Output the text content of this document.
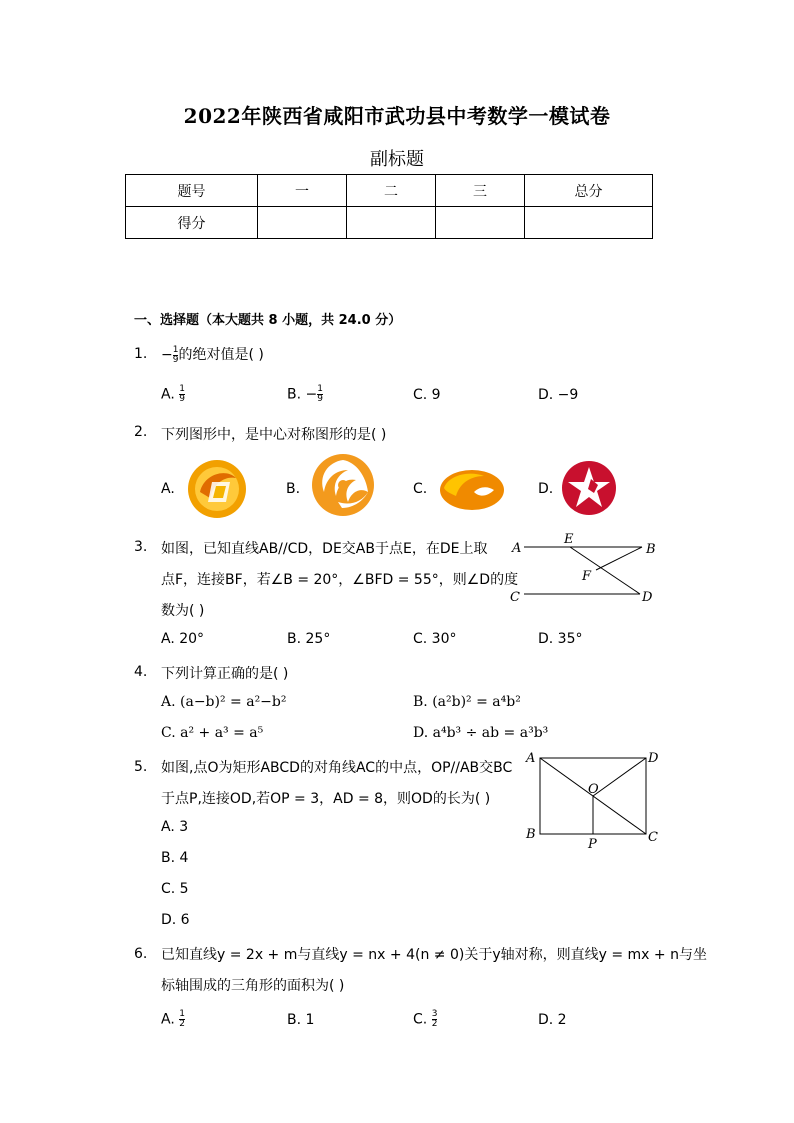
2022年陕西省咸阳市武功县中考数学一模试卷
副标题
题号	一	二	三	总分
得分				
一、选择题（本大题共 8 小题，共 24.0 分）
1. − $\frac{1}{9}$ 的绝对值是( )
A. $\frac{1}{9}$	B. − $\frac{1}{9}$	C. 9	D. −9
2. 下列图形中，是中心对称图形的是( )
A.	B.	C.	D.
3. 如图，已知直线AB//CD，DE交AB于点E，在DE上取
点F，连接BF，若∠B = 20°，∠BFD = 55°，则∠D的度
数为( )
A
E
B
F
C	D
A. 20°	B. 25°	C. 30°	D. 35°
4. 下列计算正确的是( )
A. (a−b)² = a²−b²	B. (a²b)² = a⁴b²
C. a² + a³ = a⁵	D. a⁴b³ ÷ ab = a³b³
5. 如图,点O为矩形ABCD的对角线AC的中点，OP//AB交BC
于点P,连接OD,若OP = 3，AD = 8，则OD的长为( )
A. 3
B. 4
C. 5
D. 6
A	D
O
B
P	C
6. 已知直线y = 2x + m与直线y = nx + 4(n ≠ 0)关于y轴对称，则直线y = mx + n与坐
标轴围成的三角形的面积为( )
A. $\frac{1}{2}$	B. 1	C. $\frac{3}{2}$	D. 2
